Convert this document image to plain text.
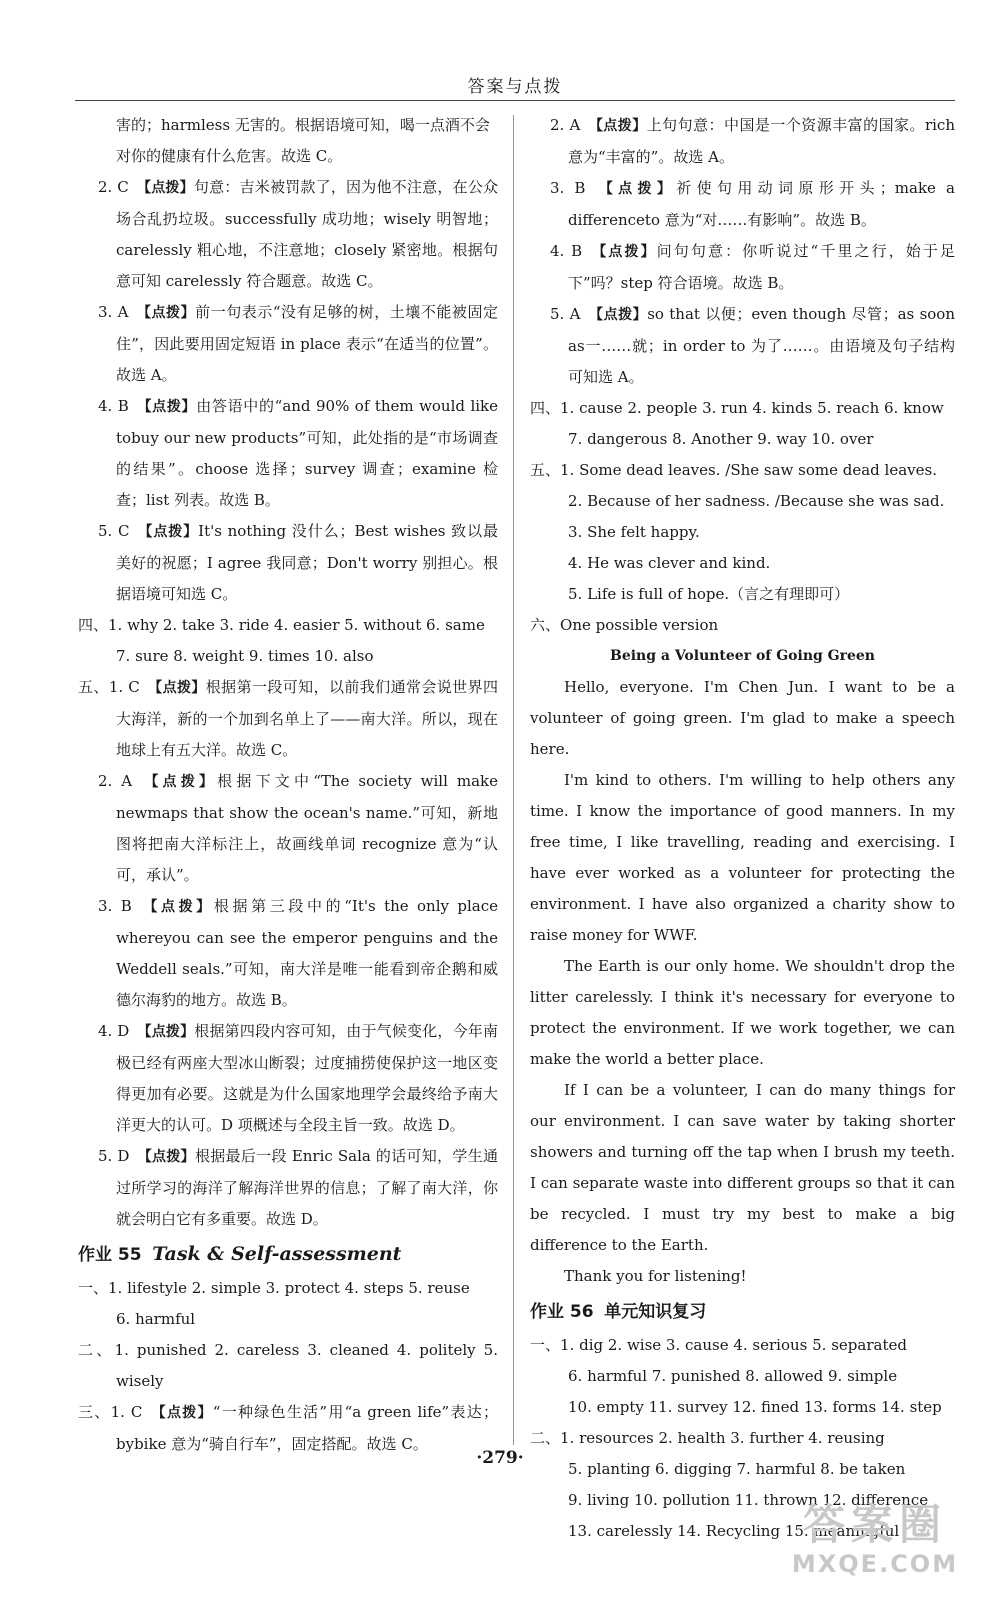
答案与点拨

害的；harmless 无害的。根据语境可知，喝一点酒不会
对你的健康有什么危害。故选 C。

2. C 【点拨】句意：吉米被罚款了，因为他不注意，在公众场合乱扔垃圾。successfully 成功地；wisely 明智地；carelessly 粗心地，不注意地；closely 紧密地。根据句意可知 carelessly 符合题意。故选 C。

3. A 【点拨】前一句表示“没有足够的树，土壤不能被固定住”，因此要用固定短语 in place 表示“在适当的位置”。故选 A。

4. B 【点拨】由答语中的“and 90% of them would like tobuy our new products”可知，此处指的是“市场调查的结果”。choose 选择；survey 调查；examine 检查；list 列表。故选 B。

5. C 【点拨】It's nothing 没什么；Best wishes 致以最美好的祝愿；I agree 我同意；Don't worry 别担心。根据语境可知选 C。

四、1. why 2. take 3. ride 4. easier 5. without 6. same
7. sure 8. weight 9. times 10. also

五、1. C 【点拨】根据第一段可知，以前我们通常会说世界四大海洋，新的一个加到名单上了——南大洋。所以，现在地球上有五大洋。故选 C。

2. A 【点拨】根据下文中“The society will make newmaps that show the ocean's name.”可知，新地图将把南大洋标注上，故画线单词 recognize 意为“认可，承认”。

3. B 【点拨】根据第三段中的“It's the only place whereyou can see the emperor penguins and the Weddell seals.”可知，南大洋是唯一能看到帝企鹅和威德尔海豹的地方。故选 B。

4. D 【点拨】根据第四段内容可知，由于气候变化，今年南极已经有两座大型冰山断裂；过度捕捞使保护这一地区变得更加有必要。这就是为什么国家地理学会最终给予南大洋更大的认可。D 项概述与全段主旨一致。故选 D。

5. D 【点拨】根据最后一段 Enric Sala 的话可知，学生通过所学习的海洋了解海洋世界的信息；了解了南大洋，你就会明白它有多重要。故选 D。

作业 55 Task & Self-assessment

一、1. lifestyle 2. simple 3. protect 4. steps 5. reuse
6. harmful

二、1. punished 2. careless 3. cleaned 4. politely 5. wisely

三、1. C 【点拨】“一种绿色生活”用“a green life”表达；bybike 意为“骑自行车”，固定搭配。故选 C。

2. A 【点拨】上句句意：中国是一个资源丰富的国家。rich 意为“丰富的”。故选 A。

3. B 【点拨】祈使句用动词原形开头；make a differenceto 意为“对……有影响”。故选 B。

4. B 【点拨】问句句意：你听说过“千里之行，始于足下”吗？step 符合语境。故选 B。

5. A 【点拨】so that 以便；even though 尽管；as soon as一……就；in order to 为了……。由语境及句子结构可知选 A。

四、1. cause 2. people 3. run 4. kinds 5. reach 6. know
7. dangerous 8. Another 9. way 10. over

五、1. Some dead leaves. /She saw some dead leaves.
2. Because of her sadness. /Because she was sad.
3. She felt happy.
4. He was clever and kind.
5. Life is full of hope.（言之有理即可）

六、One possible version

Being a Volunteer of Going Green

Hello, everyone. I'm Chen Jun. I want to be a volunteer of going green. I'm glad to make a speech here.

I'm kind to others. I'm willing to help others any time. I know the importance of good manners. In my free time, I like travelling, reading and exercising. I have ever worked as a volunteer for protecting the environment. I have also organized a charity show to raise money for WWF.

The Earth is our only home. We shouldn't drop the litter carelessly. I think it's necessary for everyone to protect the environment. If we work together, we can make the world a better place.

If I can be a volunteer, I can do many things for our environment. I can save water by taking shorter showers and turning off the tap when I brush my teeth. I can separate waste into different groups so that it can be recycled. I must try my best to make a big difference to the Earth.

Thank you for listening!

作业 56 单元知识复习

一、1. dig 2. wise 3. cause 4. serious 5. separated
6. harmful 7. punished 8. allowed 9. simple
10. empty 11. survey 12. fined 13. forms 14. step

二、1. resources 2. health 3. further 4. reusing
5. planting 6. digging 7. harmful 8. be taken
9. living 10. pollution 11. thrown 12. difference
13. carelessly 14. Recycling 15. meaningful

·279·
答案圈
MXQE.COM
